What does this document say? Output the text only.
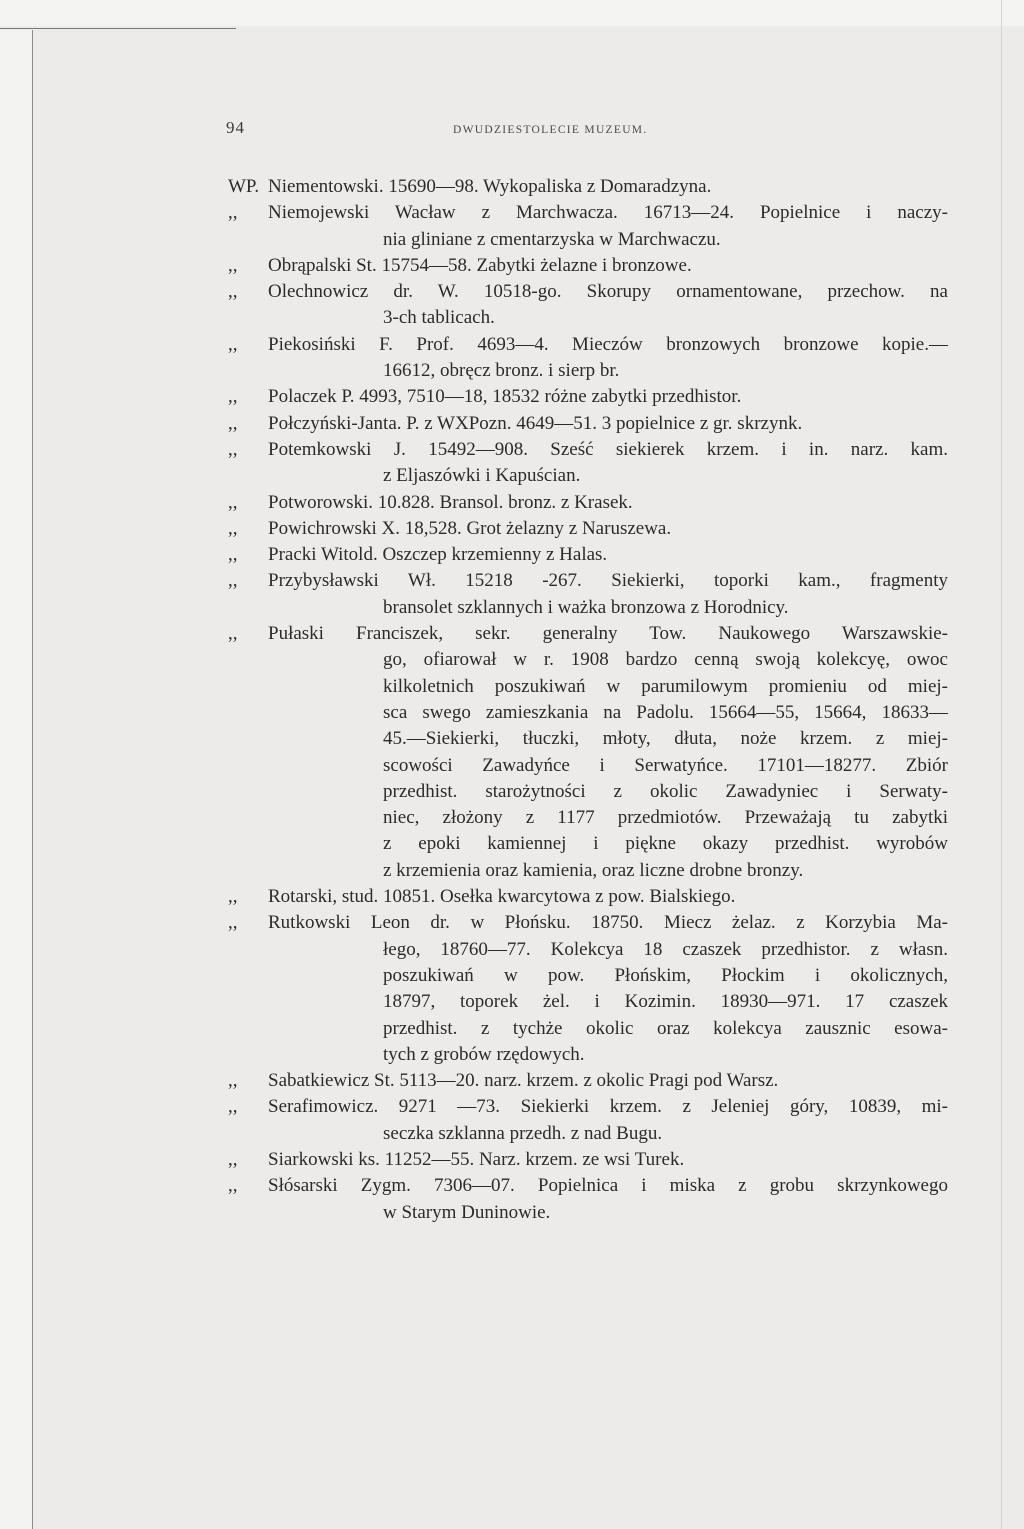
94	DWUDZIESTOLECIE MUZEUM.
WP. Niementowski. 15690—98. Wykopaliska z Domaradzyna.
,, Niemojewski Wacław z Marchwacza. 16713—24. Popielnice i naczy-
nia gliniane z cmentarzyska w Marchwaczu.
,, Obrąpalski St. 15754—58. Zabytki żelazne i bronzowe.
,, Olechnowicz dr. W. 10518-go. Skorupy ornamentowane, przechow. na
3-ch tablicach.
,, Piekosiński F. Prof. 4693—4. Mieczów bronzowych bronzowe kopie.—
16612, obręcz bronz. i sierp br.
,, Polaczek P. 4993, 7510—18, 18532 różne zabytki przedhistor.
,, Połczyński-Janta. P. z WXPozn. 4649—51. 3 popielnice z gr. skrzynk.
,, Potemkowski J. 15492—908. Sześć siekierek krzem. i in. narz. kam.
z Eljaszówki i Kapuścian.
,, Potworowski. 10.828. Bransol. bronz. z Krasek.
,, Powichrowski X. 18,528. Grot żelazny z Naruszewa.
,, Pracki Witold. Oszczep krzemienny z Halas.
,, Przybysławski Wł. 15218 -267. Siekierki, toporki kam., fragmenty
bransolet szklannych i ważka bronzowa z Horodnicy.
,, Pułaski Franciszek, sekr. generalny Tow. Naukowego Warszawskie-
go, ofiarował w r. 1908 bardzo cenną swoją kolekcyę, owoc
kilkoletnich poszukiwań w parumilowym promieniu od miej-
sca swego zamieszkania na Padolu. 15664—55, 15664, 18633—
45.—Siekierki, tłuczki, młoty, dłuta, noże krzem. z miej-
scowości Zawadyńce i Serwatyńce. 17101—18277. Zbiór
przedhist. starożytności z okolic Zawadyniec i Serwaty-
niec, złożony z 1177 przedmiotów. Przeważają tu zabytki
z epoki kamiennej i piękne okazy przedhist. wyrobów
z krzemienia oraz kamienia, oraz liczne drobne bronzy.
,, Rotarski, stud. 10851. Osełka kwarcytowa z pow. Bialskiego.
,, Rutkowski Leon dr. w Płońsku. 18750. Miecz żelaz. z Korzybia Ma-
łego, 18760—77. Kolekcya 18 czaszek przedhistor. z własn.
poszukiwań w pow. Płońskim, Płockim i okolicznych,
18797, toporek żel. i Kozimin. 18930—971. 17 czaszek
przedhist. z tychże okolic oraz kolekcya zausznic esowa-
tych z grobów rzędowych.
,, Sabatkiewicz St. 5113—20. narz. krzem. z okolic Pragi pod Warsz.
,, Serafimowicz. 9271 —73. Siekierki krzem. z Jeleniej góry, 10839, mi-
seczka szklanna przedh. z nad Bugu.
,, Siarkowski ks. 11252—55. Narz. krzem. ze wsi Turek.
,, Słósarski Zygm. 7306—07. Popielnica i miska z grobu skrzynkowego
w Starym Duninowie.
